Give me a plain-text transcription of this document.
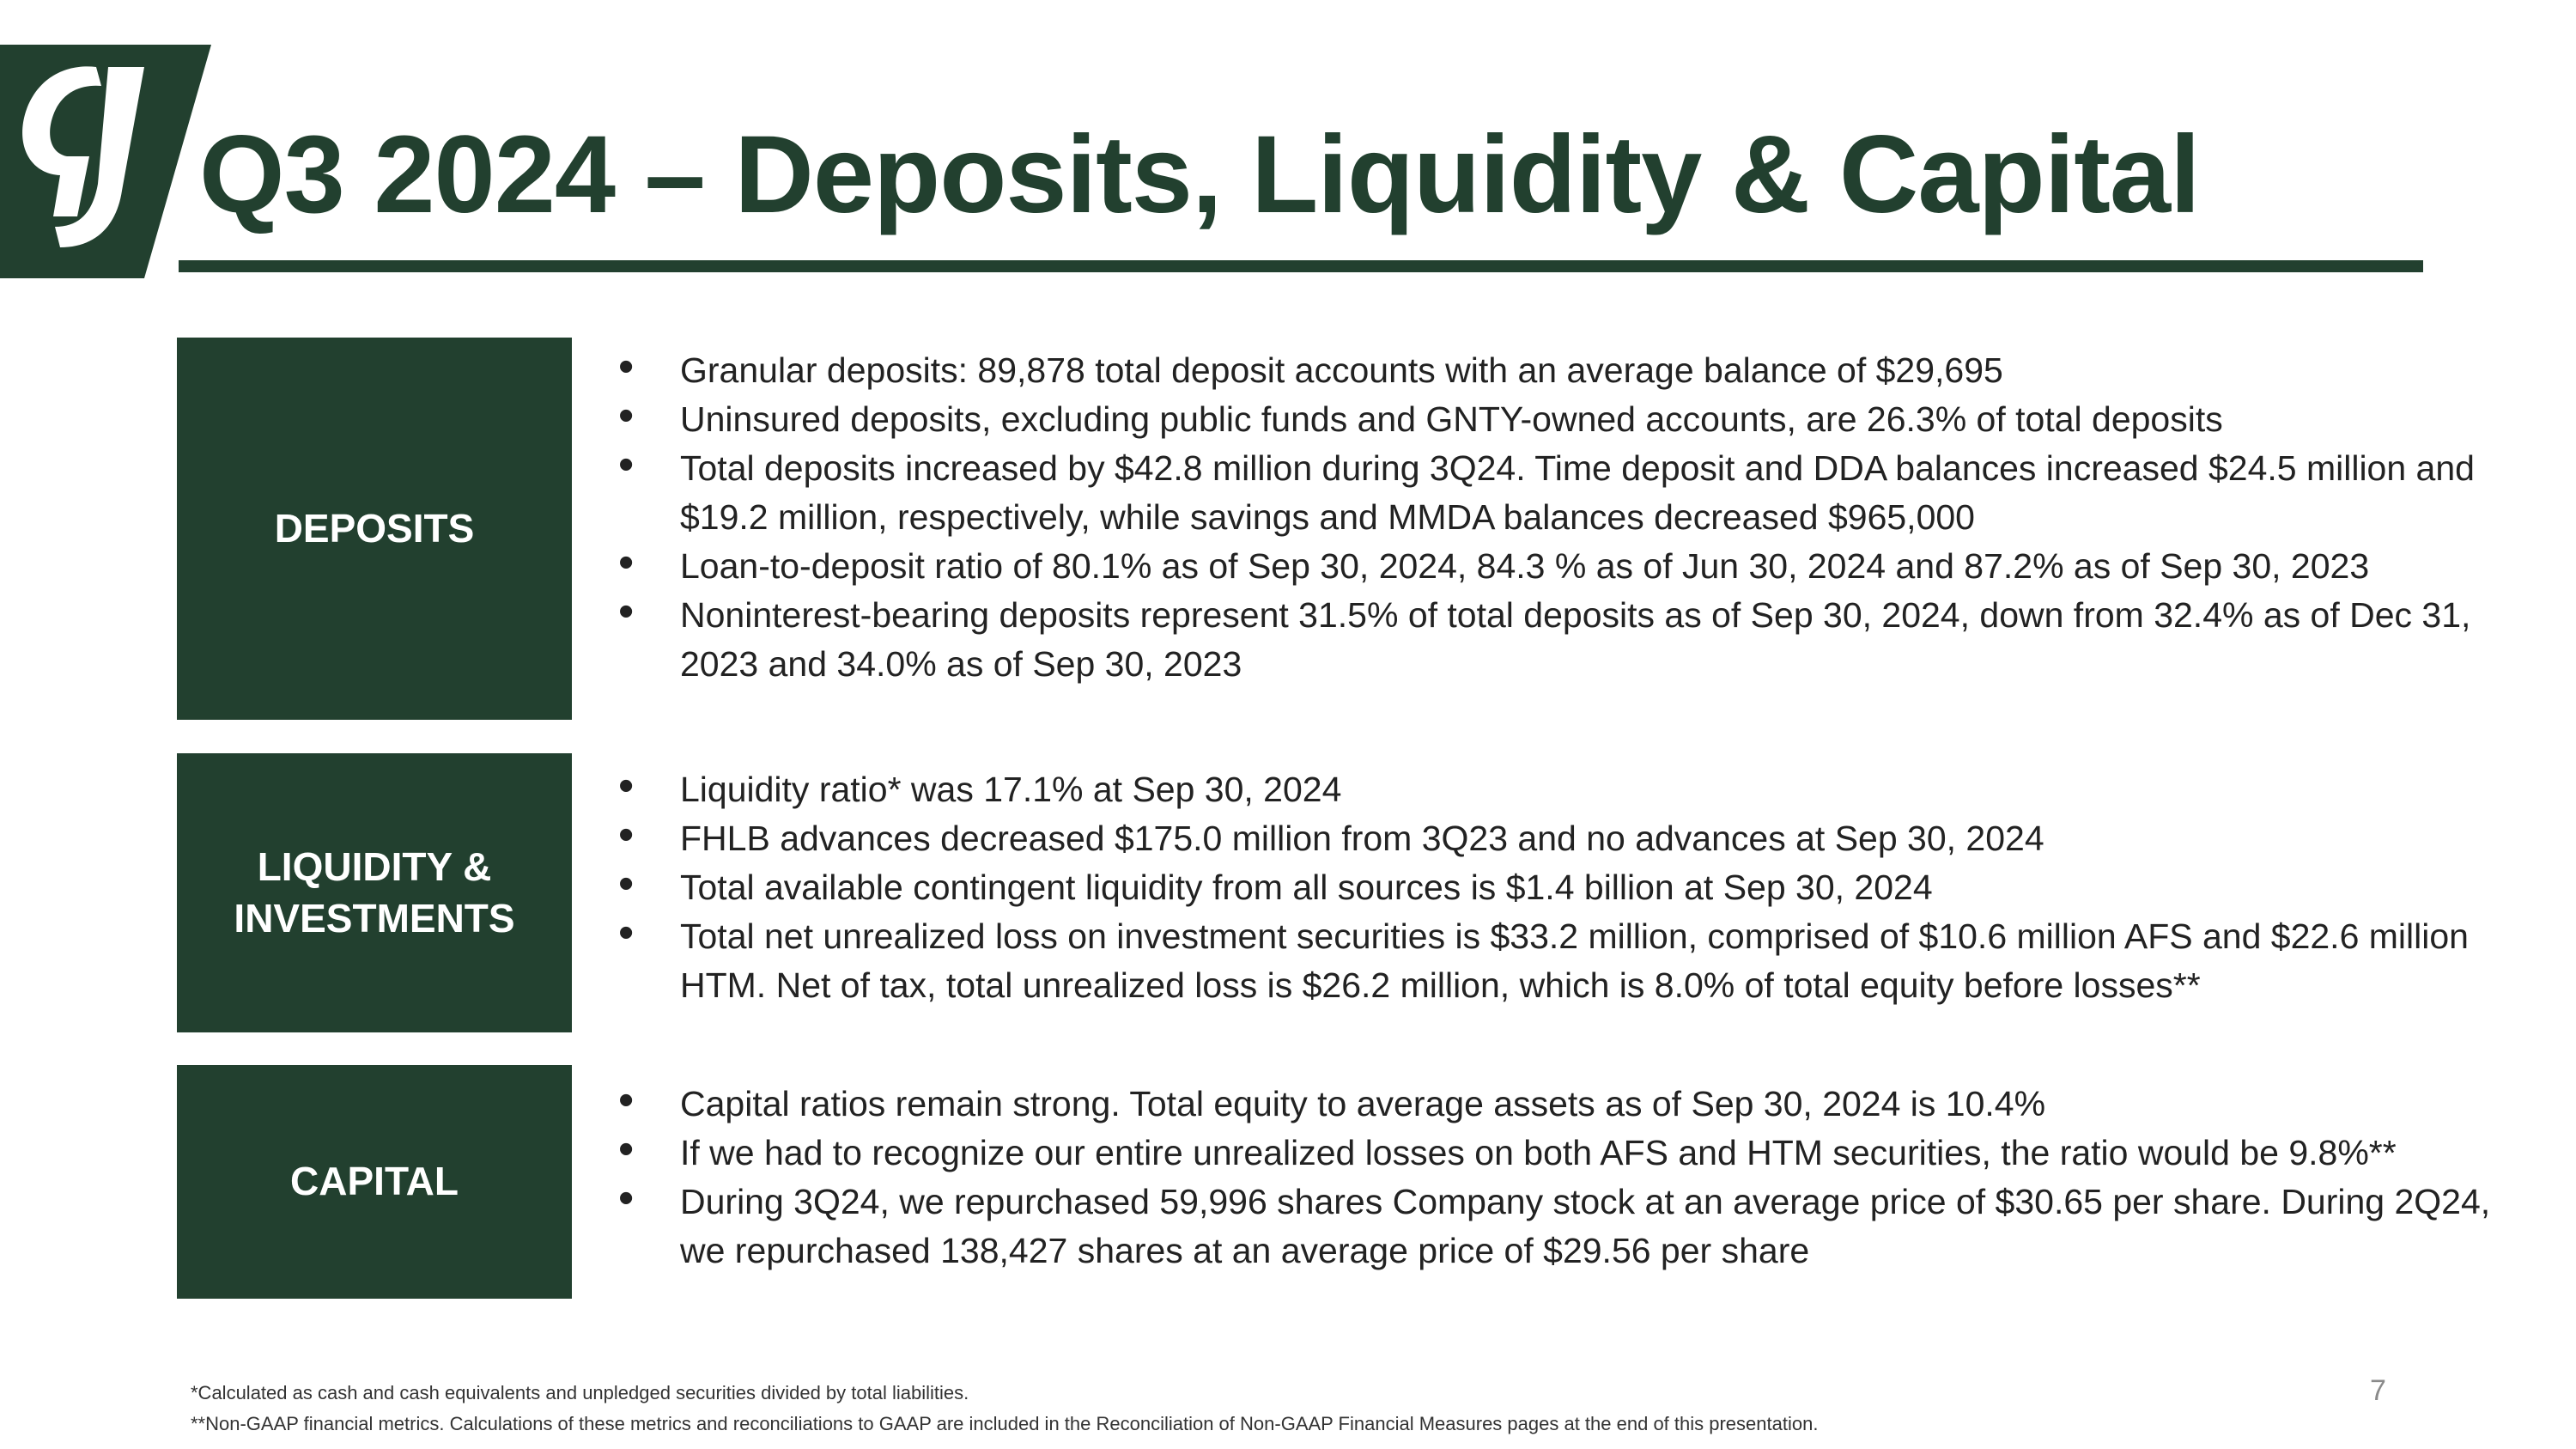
Q3 2024 – Deposits, Liquidity & Capital
DEPOSITS
• Granular deposits: 89,878 total deposit accounts with an average balance of $29,695
• Uninsured deposits, excluding public funds and GNTY-owned accounts, are 26.3% of total deposits
• Total deposits increased by $42.8 million during 3Q24. Time deposit and DDA balances increased $24.5 million and $19.2 million, respectively, while savings and MMDA balances decreased $965,000
• Loan-to-deposit ratio of 80.1% as of Sep 30, 2024, 84.3 % as of Jun 30, 2024 and 87.2% as of Sep 30, 2023
• Noninterest-bearing deposits represent 31.5% of total deposits as of Sep 30, 2024, down from 32.4% as of Dec 31, 2023 and 34.0% as of Sep 30, 2023
LIQUIDITY &
INVESTMENTS
• Liquidity ratio* was 17.1% at Sep 30, 2024
• FHLB advances decreased $175.0 million from 3Q23 and no advances at Sep 30, 2024
• Total available contingent liquidity from all sources is $1.4 billion at Sep 30, 2024
• Total net unrealized loss on investment securities is $33.2 million, comprised of $10.6 million AFS and $22.6 million HTM. Net of tax, total unrealized loss is $26.2 million, which is 8.0% of total equity before losses**
CAPITAL
• Capital ratios remain strong. Total equity to average assets as of Sep 30, 2024 is 10.4%
• If we had to recognize our entire unrealized losses on both AFS and HTM securities, the ratio would be 9.8%**
• During 3Q24, we repurchased 59,996 shares Company stock at an average price of $30.65 per share. During 2Q24, we repurchased 138,427 shares at an average price of $29.56 per share
*Calculated as cash and cash equivalents and unpledged securities divided by total liabilities.
**Non-GAAP financial metrics. Calculations of these metrics and reconciliations to GAAP are included in the Reconciliation of Non-GAAP Financial Measures pages at the end of this presentation.
7
